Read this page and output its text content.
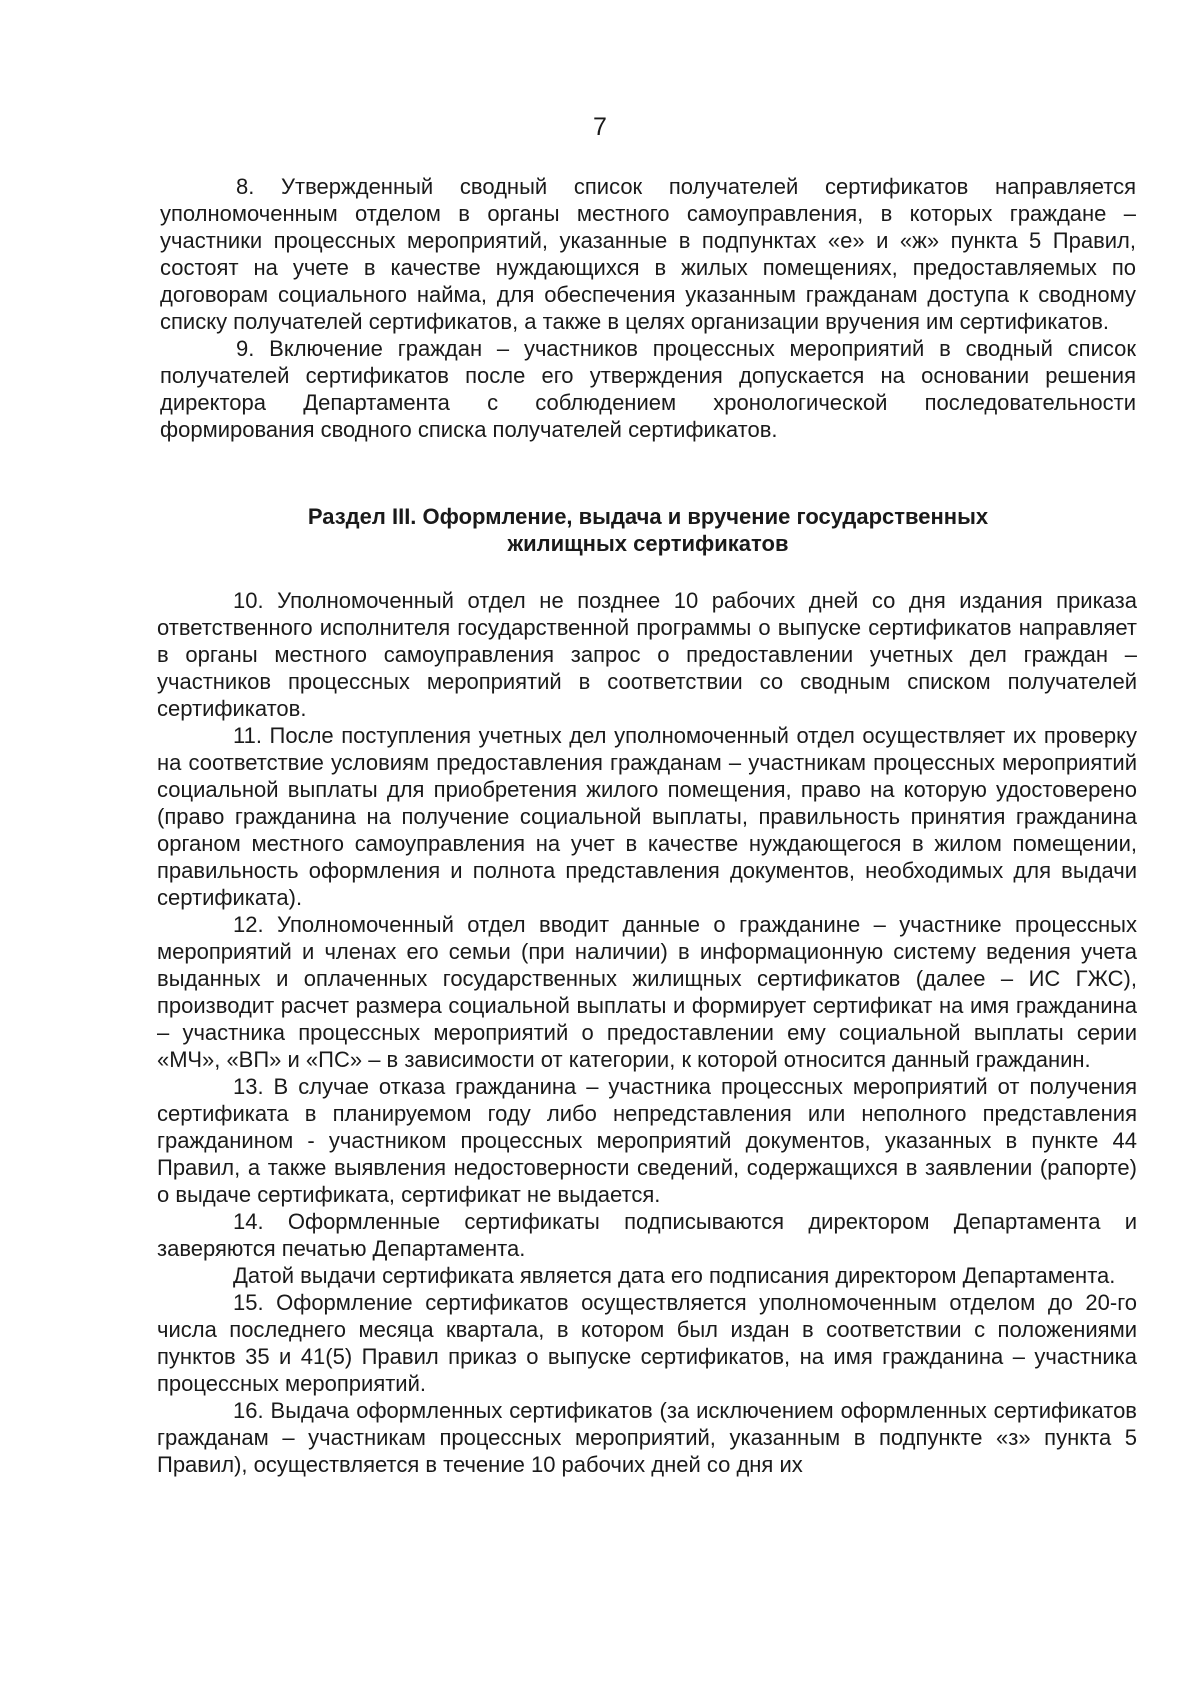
7

8. Утвержденный сводный список получателей сертификатов направляется уполномоченным отделом в органы местного самоуправления, в которых граждане – участники процессных мероприятий, указанные в подпунктах «е» и «ж» пункта 5 Правил, состоят на учете в качестве нуждающихся в жилых помещениях, предоставляемых по договорам социального найма, для обеспечения указанным гражданам доступа к сводному списку получателей сертификатов, а также в целях организации вручения им сертификатов.

9. Включение граждан – участников процессных мероприятий в сводный список получателей сертификатов после его утверждения допускается на основании решения директора Департамента с соблюдением хронологической последовательности формирования сводного списка получателей сертификатов.

Раздел III. Оформление, выдача и вручение государственных
жилищных сертификатов

10. Уполномоченный отдел не позднее 10 рабочих дней со дня издания приказа ответственного исполнителя государственной программы о выпуске сертификатов направляет в органы местного самоуправления запрос о предоставлении учетных дел граждан – участников процессных мероприятий в соответствии со сводным списком получателей сертификатов.

11. После поступления учетных дел уполномоченный отдел осуществляет их проверку на соответствие условиям предоставления гражданам – участникам процессных мероприятий социальной выплаты для приобретения жилого помещения, право на которую удостоверено (право гражданина на получение социальной выплаты, правильность принятия гражданина органом местного самоуправления на учет в качестве нуждающегося в жилом помещении, правильность оформления и полнота представления документов, необходимых для выдачи сертификата).

12. Уполномоченный отдел вводит данные о гражданине – участнике процессных мероприятий и членах его семьи (при наличии) в информационную систему ведения учета выданных и оплаченных государственных жилищных сертификатов (далее – ИС ГЖС), производит расчет размера социальной выплаты и формирует сертификат на имя гражданина – участника процессных мероприятий о предоставлении ему социальной выплаты серии «МЧ», «ВП» и «ПС» – в зависимости от категории, к которой относится данный гражданин.

13. В случае отказа гражданина – участника процессных мероприятий от получения сертификата в планируемом году либо непредставления или неполного представления гражданином - участником процессных мероприятий документов, указанных в пункте 44 Правил, а также выявления недостоверности сведений, содержащихся в заявлении (рапорте) о выдаче сертификата, сертификат не выдается.

14. Оформленные сертификаты подписываются директором Департамента и заверяются печатью Департамента.

Датой выдачи сертификата является дата его подписания директором Департамента.

15. Оформление сертификатов осуществляется уполномоченным отделом до 20-го числа последнего месяца квартала, в котором был издан в соответствии с положениями пунктов 35 и 41(5) Правил приказ о выпуске сертификатов, на имя гражданина – участника процессных мероприятий.

16. Выдача оформленных сертификатов (за исключением оформленных сертификатов гражданам – участникам процессных мероприятий, указанным в подпункте «з» пункта 5 Правил), осуществляется в течение 10 рабочих дней со дня их
